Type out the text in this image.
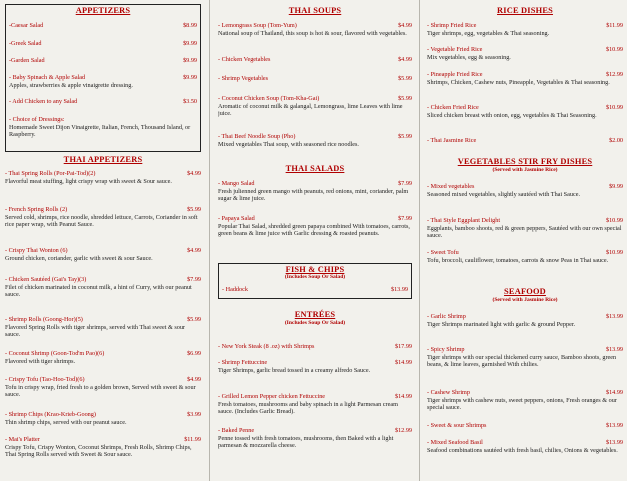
APPETIZERS
-Caesar Salad	$8.99
-Greek Salad	$9.99
-Garden Salad	$9.99
- Baby Spinach & Apple Salad	$9.99
Apples, strawberries & apple vinaigrette dressing.
- Add Chicken to any Salad	$3.50
- Choice of Dressings:
Homemade Sweet Dijon Vinaigrette, Italian, French, Thousand Island, or Raspberry.
THAI APPETIZERS
- Thai Spring Rolls (Por-Pai-Tod)(2)	$4.99
Flavorful meat stuffing, light crispy wrap with sweet & Sour sauce.
- French Spring Rolls (2)	$5.99
Served cold, shrimps, rice noodle, shredded lettuce, Carrots, Coriander in soft rice paper wrap, with Peanut Sauce.
- Crispy Thai Wonton (6)	$4.99
Ground chicken, coriander, garlic with sweet & sour Sauce.
- Chicken Sautéed (Gai's Tay)(3)	$7.99
Filet of chicken marinated in coconut milk, a hint of Curry, with our peanut sauce.
- Shrimp Rolls (Goong-Hor)(5)	$5.99
Flavored Spring Rolls with tiger shrimps, served with Thai sweet & sour sauce.
- Coconut Shrimp (Goon-Tod'm Pao)(6)	$6.99
Flavored with tiger shrimps.
- Crispy Tofu (Tao-Hoo-Tod)(6)	$4.99
Tofu in crispy wrap, fried fresh to a golden brown, Served with sweet & sour sauce.
- Shrimp Chips (Krao-Krieb-Goong)	$3.99
Thin shrimp chips, served with our peanut sauce.
- Mai's Platter	$11.99
Crispy Tofu, Crispy Wonton, Coconut Shrimps, Fresh Rolls, Shrimp Chips, Thai Spring Rolls served with Sweet & Sour sauce.
THAI SOUPS
- Lemongrass Soup (Tom-Yum)	$4.99
National soup of Thailand, this soup is hot & sour, flavored with vegetables.
- Chicken Vegetables	$4.99
- Shrimp Vegetables	$5.99
- Coconut Chicken Soup (Tom-Kha-Gai)	$5.99
Aromatic of coconut milk & galangal, Lemongrass, lime Leaves with lime juice.
- Thai Beef Noodle Soup (Pho)	$5.99
Mixed vegetables Thai soup, with seasoned rice noodles.
THAI SALADS
- Mango Salad	$7.99
Fresh julienned green mango with peanuts, red onions, mint, coriander, palm sugar & lime juice.
- Papaya Salad	$7.99
Popular Thai Salad, shredded green papaya combined With tomatoes, carrots, green beans & lime juice with Garlic dressing & roasted peanuts.
FISH & CHIPS
(Includes Soup Or Salad)
- Haddock	$13.99
ENTRÉES
(Includes Soup Or Salad)
- New York Steak (8 .oz) with Shrimps	$17.99
- Shrimp Fettuccine	$14.99
Tiger Shrimps, garlic bread tossed in a creamy alfredo Sauce.
- Grilled Lemon Pepper chicken Fettuccine	$14.99
Fresh tomatoes, mushrooms and baby spinach in a light Parmesan cream sauce. (Includes Garlic Bread).
- Baked Penne	$12.99
Penne tossed with fresh tomatoes, mushrooms, then Baked with a light parmesan & mozzarella cheese.
RICE DISHES
- Shrimp Fried Rice	$11.99
Tiger shrimps, egg, vegetables & Thai seasoning.
- Vegetable Fried Rice	$10.99
Mix vegetables, egg & seasoning.
- Pineapple Fried Rice	$12.99
Shrimps, Chicken, Cashew nuts, Pineapple, Vegetables & Thai seasoning.
- Chicken Fried Rice	$10.99
Sliced chicken breast with onion, egg, vegetables & Thai Seasoning.
- Thai Jasmine Rice	$2.00
VEGETABLES STIR FRY DISHES
(Served with Jasmine Rice)
- Mixed vegetables	$9.99
Seasoned mixed vegetables, slightly sautéed with Thai Sauce.
- Thai Style Eggplant Delight	$10.99
Eggplants, bamboo shoots, red & green peppers, Sautéed with our own special sauce.
- Sweet Tofu	$10.99
Tofu, broccoli, cauliflower, tomatoes, carrots & snow Peas in Thai sauce.
SEAFOOD
(Served with Jasmine Rice)
- Garlic Shrimp	$13.99
Tiger Shrimps marinated light with garlic & ground Pepper.
- Spicy Shrimp	$13.99
Tiger shrimps with our special thickened curry sauce, Bamboo shoots, green beans, & lime leaves, garnished With chilies.
- Cashew Shrimp	$14.99
Tiger shrimps with cashew nuts, sweet peppers, onions, Fresh oranges & our special sauce.
- Sweet & sour Shrimps	$13.99
- Mixed Seafood Basil	$13.99
Seafood combinations sautéed with fresh basil, chilies, Onions & vegetables.
